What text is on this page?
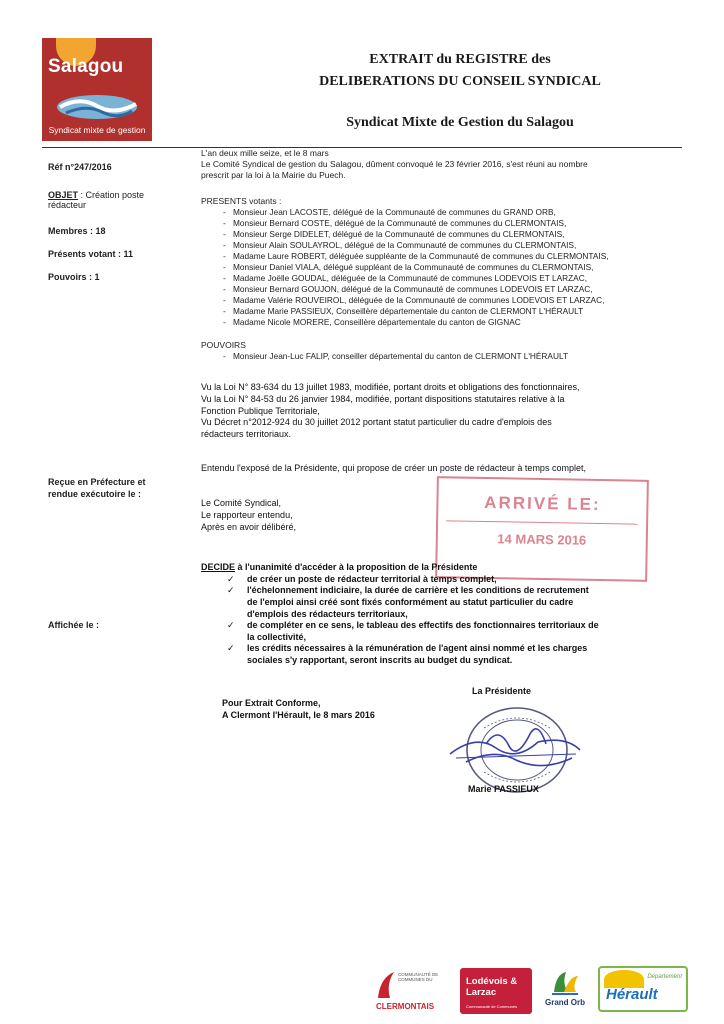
Salagou
Syndicat mixte de gestion
EXTRAIT du REGISTRE des
DELIBERATIONS DU CONSEIL SYNDICAL
Syndicat Mixte de Gestion du Salagou
Réf n°247/2016
OBJET : Création poste
rédacteur
Membres : 18
Présents votant : 11
Pouvoirs : 1
Reçue en Préfecture et
rendue exécutoire le :
Affichée le :
L'an deux mille seize, et le 8 mars
Le Comité Syndical de gestion du Salagou, dûment convoqué le 23 février 2016, s'est réuni au nombre
prescrit par la loi à la Mairie du Puech.
PRESENTS votants :
- Monsieur Jean LACOSTE, délégué de la Communauté de communes du GRAND ORB,
- Monsieur Bernard COSTE, délégué de la Communauté de communes du CLERMONTAIS,
- Monsieur Serge DIDELET, délégué de la Communauté de communes du CLERMONTAIS,
- Monsieur Alain SOULAYROL, délégué de la Communauté de communes du CLERMONTAIS,
- Madame Laure ROBERT, déléguée suppléante de la Communauté de communes du CLERMONTAIS,
- Monsieur Daniel VIALA, délégué suppléant de la Communauté de communes du CLERMONTAIS,
- Madame Joëlle GOUDAL, déléguée de la Communauté de communes LODEVOIS ET LARZAC,
- Monsieur Bernard GOUJON, délégué de la Communauté de communes LODEVOIS ET LARZAC,
- Madame Valérie ROUVEIROL, déléguée de la Communauté de communes LODEVOIS ET LARZAC,
- Madame Marie PASSIEUX, Conseillère départementale du canton de CLERMONT L'HÉRAULT
- Madame Nicole MORERE, Conseillère départementale du canton de GIGNAC
POUVOIRS
- Monsieur Jean-Luc FALIP, conseiller départemental du canton de CLERMONT L'HÉRAULT
Vu la Loi N° 83-634 du 13 juillet 1983, modifiée, portant droits et obligations des fonctionnaires,
Vu la Loi N° 84-53 du 26 janvier 1984, modifiée, portant dispositions statutaires relative à la
Fonction Publique Territoriale,
Vu Décret n°2012-924 du 30 juillet 2012 portant statut particulier du cadre d'emplois des
rédacteurs territoriaux.
Entendu l'exposé de la Présidente, qui propose de créer un poste de rédacteur à temps complet,
Le Comité Syndical,
Le rapporteur entendu,
Après en avoir délibéré,
ARRIVÉ LE:
14 MARS 2016
DECIDE à l'unanimité d'accéder à la proposition de la Présidente
✓ de créer un poste de rédacteur territorial à temps complet,
✓ l'échelonnement indiciaire, la durée de carrière et les conditions de recrutement
de l'emploi ainsi créé sont fixés conformément au statut particulier du cadre
d'emplois des rédacteurs territoriaux,
✓ de compléter en ce sens, le tableau des effectifs des fonctionnaires territoriaux de
la collectivité,
✓ les crédits nécessaires à la rémunération de l'agent ainsi nommé et les charges
sociales s'y rapportant, seront inscrits au budget du syndicat.
La Présidente
Pour Extrait Conforme,
A Clermont l'Hérault, le 8 mars 2016
Marie PASSIEUX
COMMUNAUTÉ DE COMMUNES DU
CLERMONTAIS
Lodévois & Larzac
Communauté de Communes	Grand Orb
Département
Hérault
